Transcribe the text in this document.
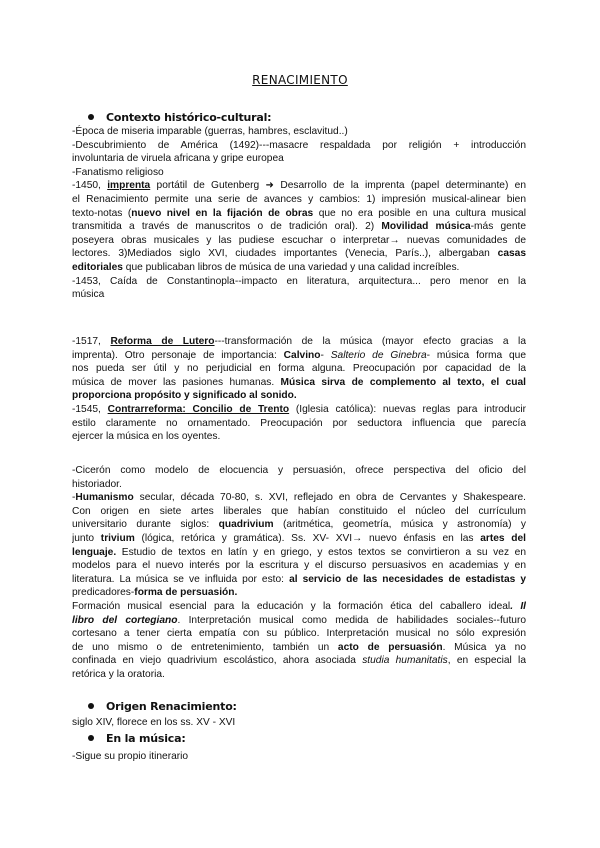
RENACIMIENTO
Contexto histórico-cultural:
-Época de miseria imparable (guerras, hambres, esclavitud..)
-Descubrimiento de América (1492)---masacre respaldada por religión + introducción
involuntaria de viruela africana y gripe europea
-Fanatismo religioso
-1450, imprenta portátil de Gutenberg ➜ Desarrollo de la imprenta (papel determinante) en
el Renacimiento permite una serie de avances y cambios: 1) impresión musical-alinear bien
texto-notas (nuevo nivel en la fijación de obras que no era posible en una cultura musical
transmitida a través de manuscritos o de tradición oral). 2) Movilidad música-más gente
poseyera obras musicales y las pudiese escuchar o interpretar→ nuevas comunidades de
lectores. 3)Mediados siglo XVI, ciudades importantes (Venecia, París..), albergaban casas
editoriales que publicaban libros de música de una variedad y una calidad increíbles.
-1453, Caída de Constantinopla--impacto en literatura, arquitectura... pero menor en la
música
-1517, Reforma de Lutero---transformación de la música (mayor efecto gracias a la
imprenta). Otro personaje de importancia: Calvino- Salterio de Ginebra- música forma que
nos pueda ser útil y no perjudicial en forma alguna. Preocupación por capacidad de la
música de mover las pasiones humanas. Música sirva de complemento al texto, el cual
proporciona propósito y significado al sonido.
-1545, Contrarreforma: Concilio de Trento (Iglesia católica): nuevas reglas para introducir
estilo claramente no ornamentado. Preocupación por seductora influencia que parecía
ejercer la música en los oyentes.
-Cicerón como modelo de elocuencia y persuasión, ofrece perspectiva del oficio del
historiador.
-Humanismo secular, década 70-80, s. XVI, reflejado en obra de Cervantes y Shakespeare.
Con origen en siete artes liberales que habían constituido el núcleo del currículum
universitario durante siglos: quadrivium (aritmética, geometría, música y astronomía) y
junto trivium (lógica, retórica y gramática). Ss. XV- XVI→ nuevo énfasis en las artes del
lenguaje. Estudio de textos en latín y en griego, y estos textos se convirtieron a su vez en
modelos para el nuevo interés por la escritura y el discurso persuasivos en academias y en
literatura. La música se ve influida por esto: al servicio de las necesidades de estadistas y
predicadores-forma de persuasión.
Formación musical esencial para la educación y la formación ética del caballero ideal. Il
libro del cortegiano. Interpretación musical como medida de habilidades sociales--futuro
cortesano a tener cierta empatía con su público. Interpretación musical no sólo expresión
de uno mismo o de entretenimiento, también un acto de persuasión. Música ya no
confinada en viejo quadrivium escolástico, ahora asociada studia humanitatis, en especial la
retórica y la oratoria.
Origen Renacimiento:
siglo XIV, florece en los ss. XV - XVI
En la música:
-Sigue su propio itinerario
